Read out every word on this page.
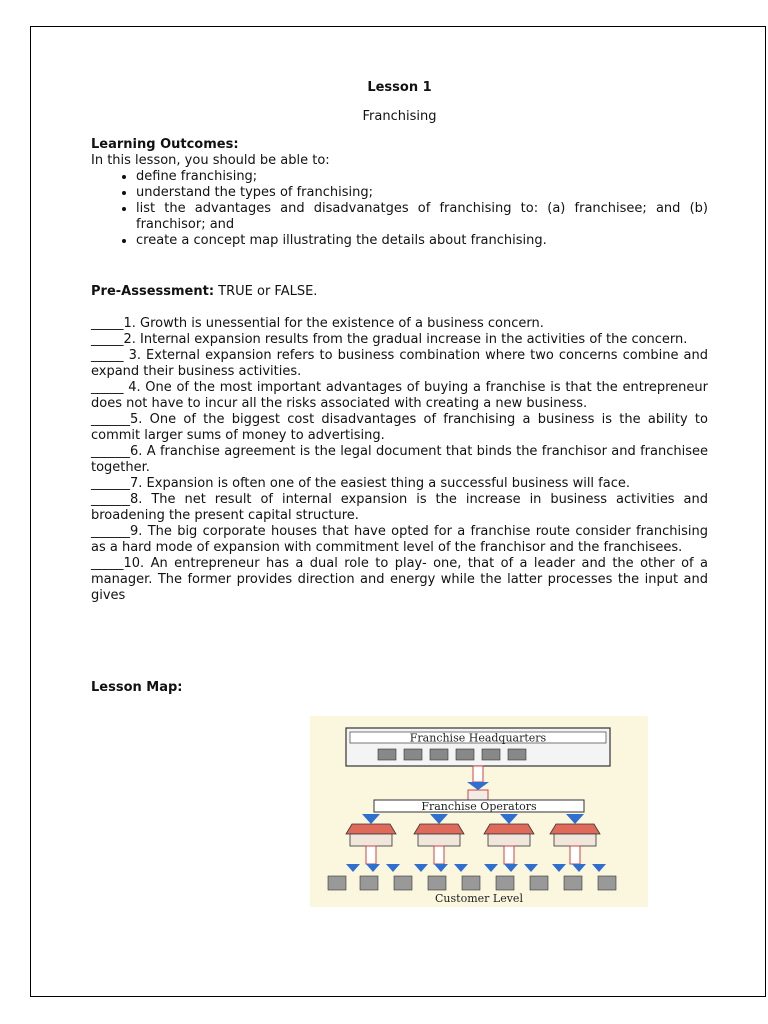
Lesson 1
Franchising
Learning Outcomes:
In this lesson, you should be able to:
• define franchising;
• understand the types of franchising;
• list the advantages and disadvanatges of franchising to: (a) franchisee; and (b) franchisor; and
• create a concept map illustrating the details about franchising.
Pre-Assessment: TRUE or FALSE.

_____1. Growth is unessential for the existence of a business concern.

_____2. Internal expansion results from the gradual increase in the activities of the concern.

_____ 3. External expansion refers to business combination where two concerns combine and expand their business activities.

_____ 4. One of the most important advantages of buying a franchise is that the entrepreneur does not have to incur all the risks associated with creating a new business.

______5. One of the biggest cost disadvantages of franchising a business is the ability to commit larger sums of money to advertising.

______6. A franchise agreement is the legal document that binds the franchisor and franchisee together.

______7. Expansion is often one of the easiest thing a successful business will face.

______8. The net result of internal expansion is the increase in business activities and broadening the present capital structure.

______9. The big corporate houses that have opted for a franchise route consider franchising as a hard mode of expansion with commitment level of the franchisor and the franchisees.

_____10. An entrepreneur has a dual role to play- one, that of a leader and the other of a manager. The former provides direction and energy while the latter processes the input and gives

Lesson Map:
Franchise Headquarters
Franchise Operators
Customer Level
